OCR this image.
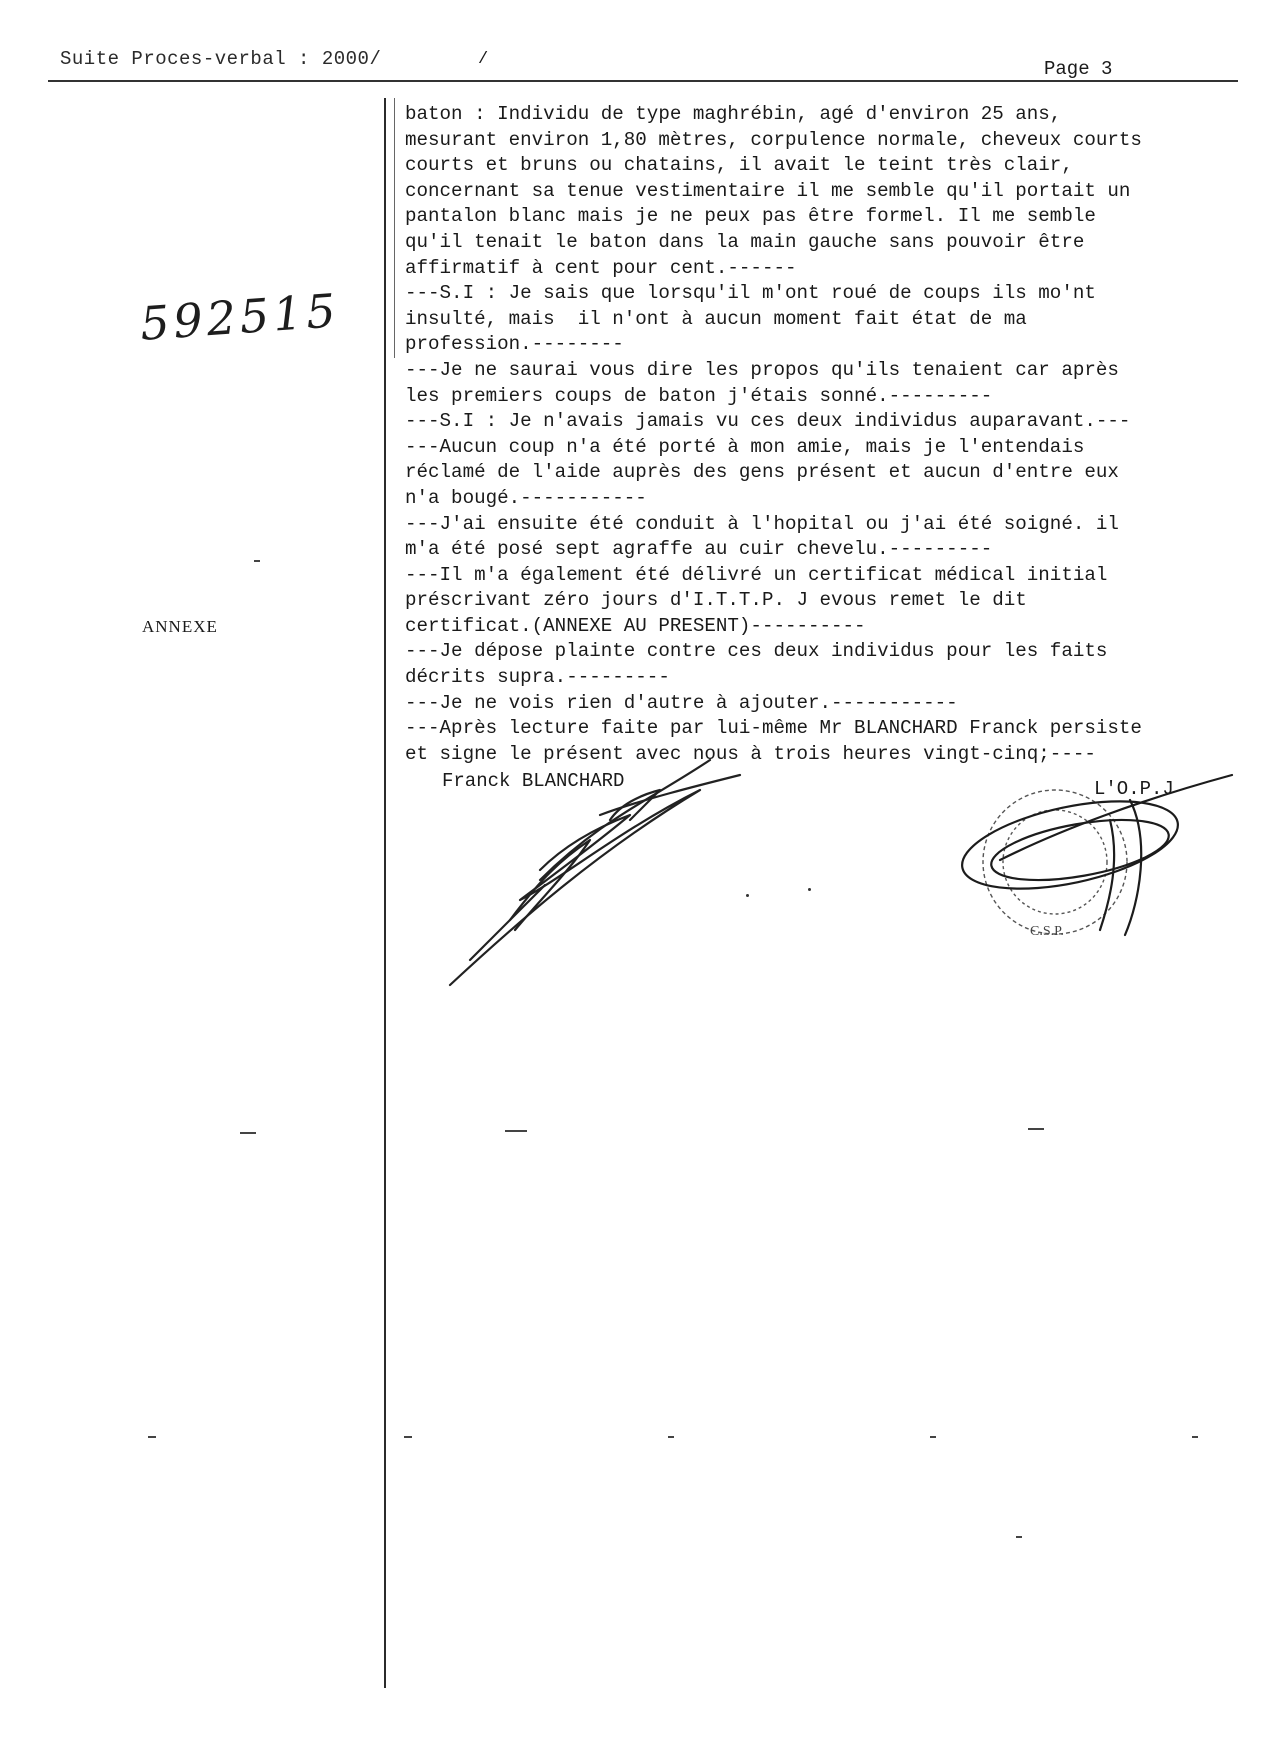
Suite Proces-verbal : 2000/	/	Page 3
592515
ANNEXE
baton : Individu de type maghrébin, agé d'environ 25 ans,
mesurant environ 1,80 mètres, corpulence normale, cheveux courts
courts et bruns ou chatains, il avait le teint très clair,
concernant sa tenue vestimentaire il me semble qu'il portait un
pantalon blanc mais je ne peux pas être formel. Il me semble
qu'il tenait le baton dans la main gauche sans pouvoir être
affirmatif à cent pour cent.------
---S.I : Je sais que lorsqu'il m'ont roué de coups ils mo'nt
insulté, mais  il n'ont à aucun moment fait état de ma
profession.--------
---Je ne saurai vous dire les propos qu'ils tenaient car après
les premiers coups de baton j'étais sonné.---------
---S.I : Je n'avais jamais vu ces deux individus auparavant.---
---Aucun coup n'a été porté à mon amie, mais je l'entendais
réclamé de l'aide auprès des gens présent et aucun d'entre eux
n'a bougé.-----------
---J'ai ensuite été conduit à l'hopital ou j'ai été soigné. il
m'a été posé sept agraffe au cuir chevelu.---------
---Il m'a également été délivré un certificat médical initial
préscrivant zéro jours d'I.T.T.P. J evous remet le dit
certificat.(ANNEXE AU PRESENT)----------
---Je dépose plainte contre ces deux individus pour les faits
décrits supra.---------
---Je ne vois rien d'autre à ajouter.-----------
---Après lecture faite par lui-même Mr BLANCHARD Franck persiste
et signe le présent avec nous à trois heures vingt-cinq;----
Franck BLANCHARD	L'O.P.J
C.S.P.
